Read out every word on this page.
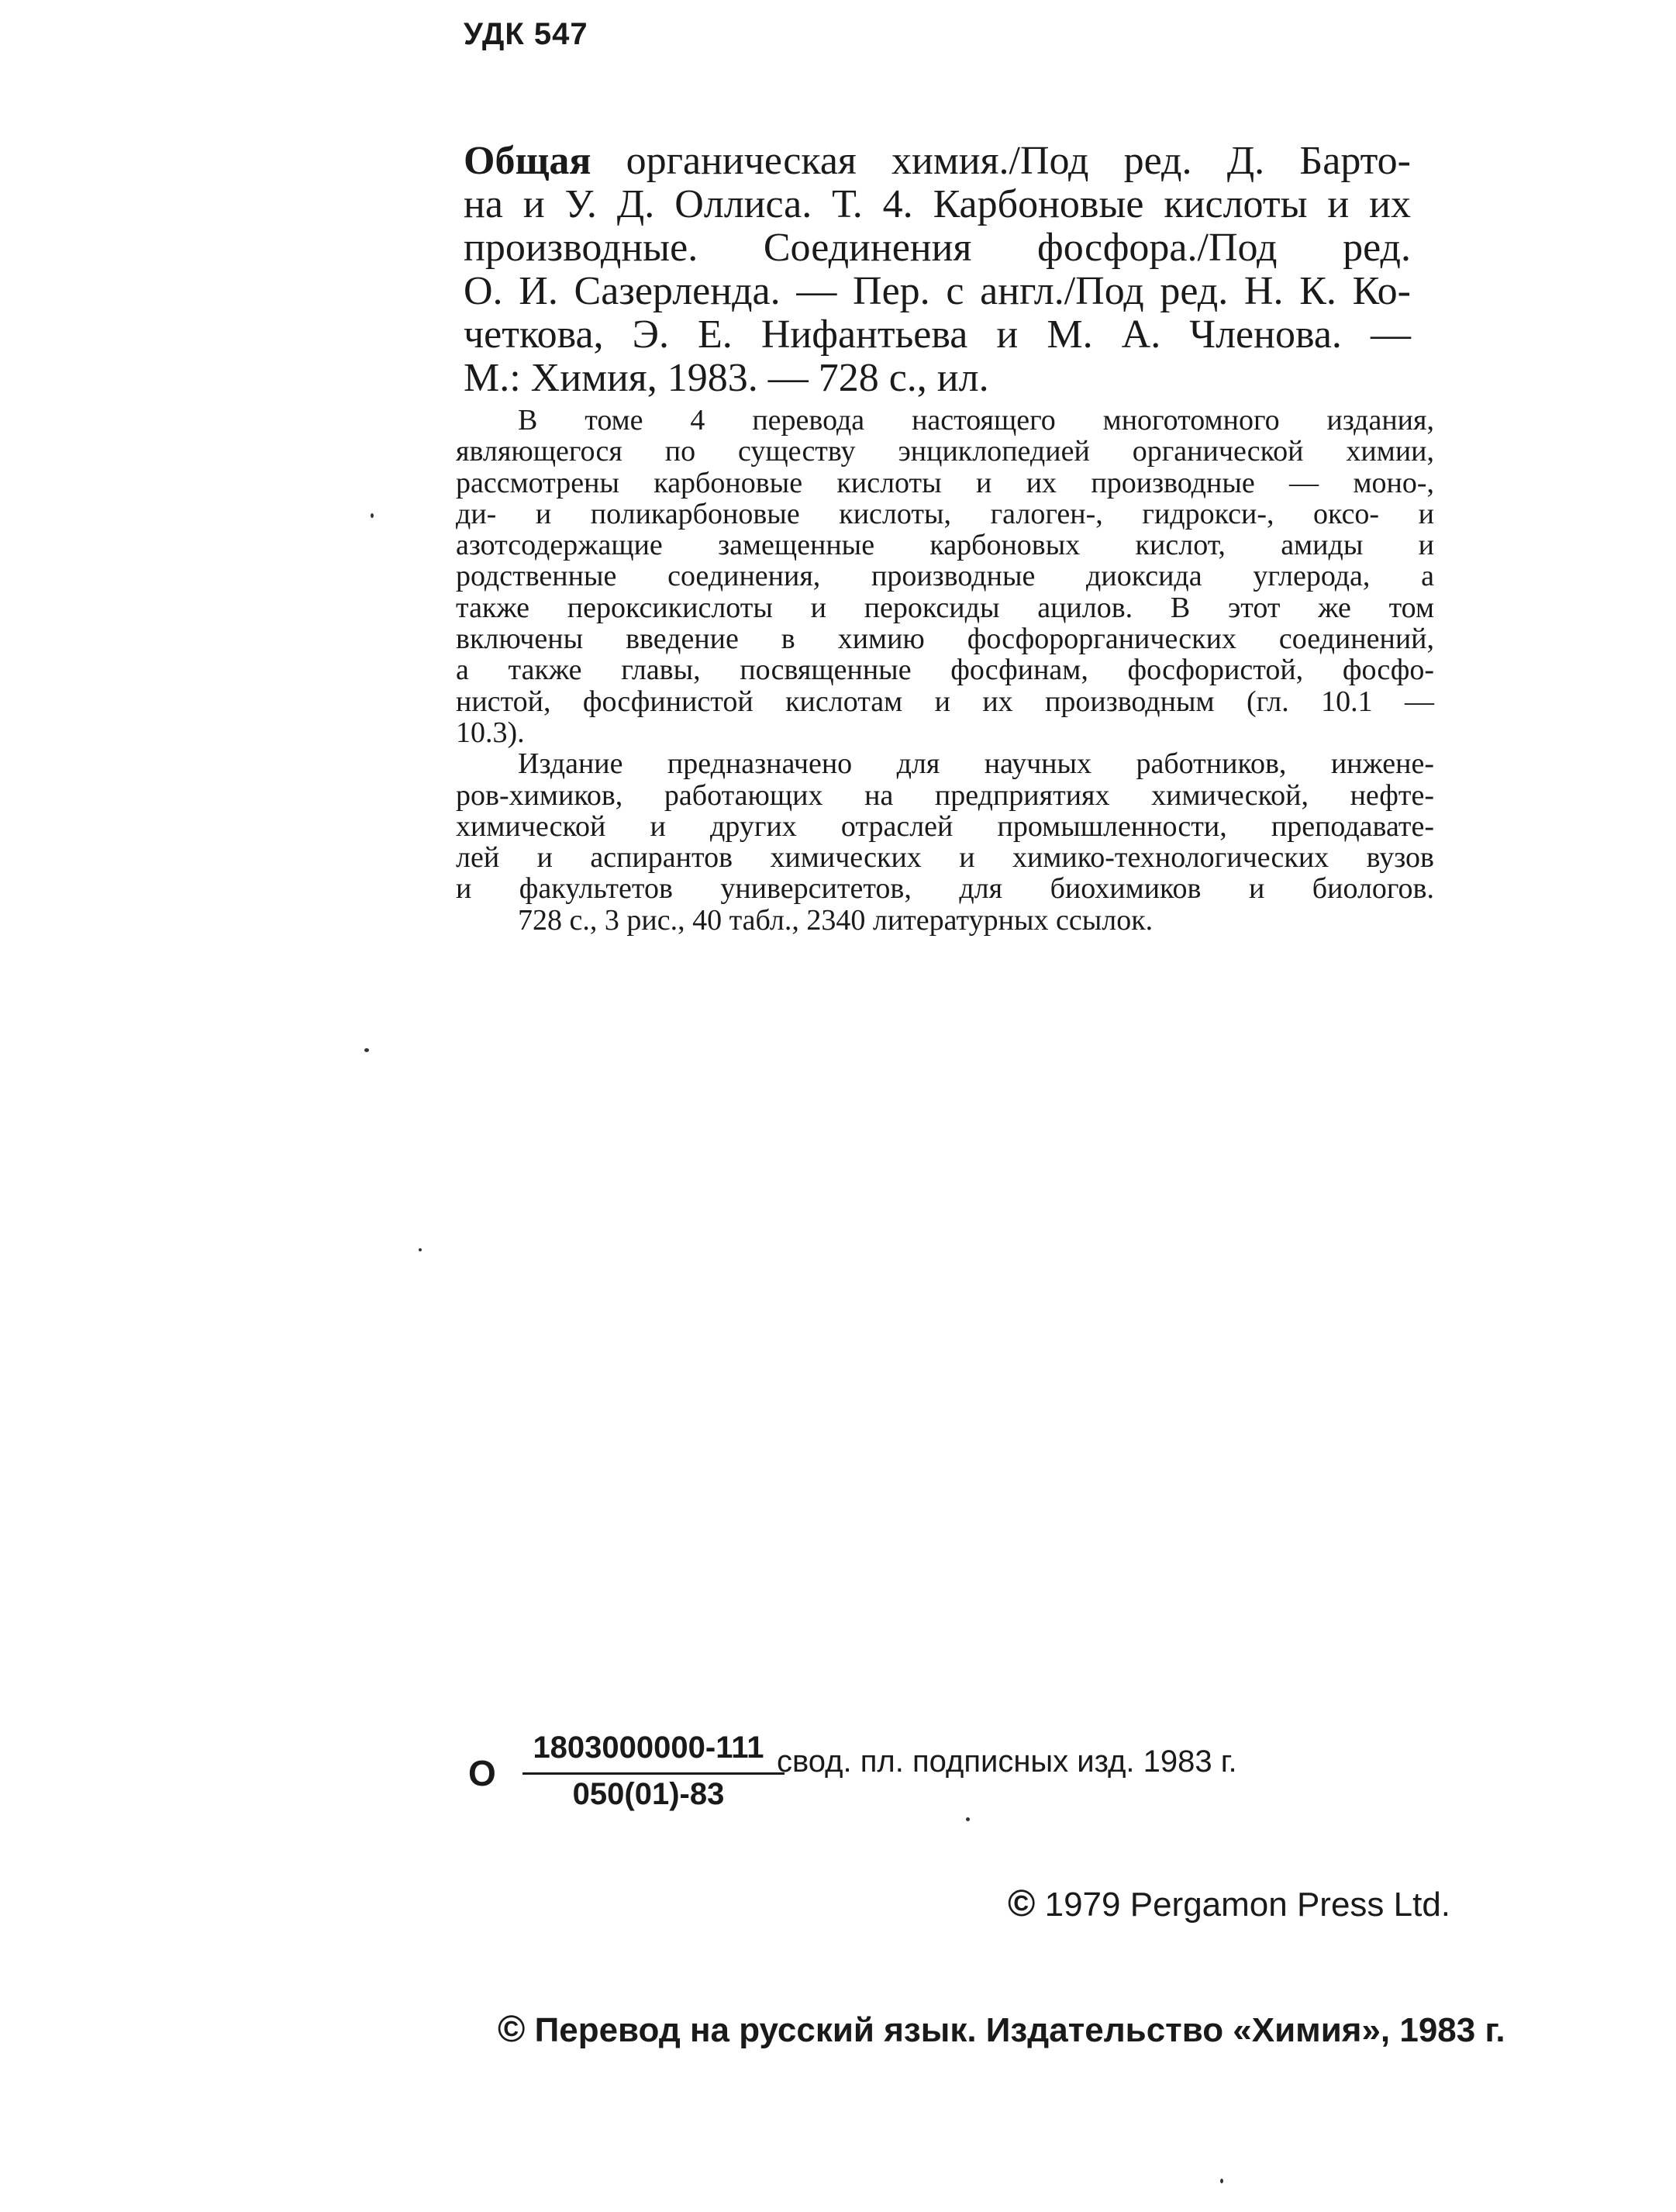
УДК 547
Общая органическая химия./Под ред. Д. Барто-
на и У. Д. Оллиса. Т. 4. Карбоновые кислоты и их
производные. Соединения фосфора./Под ред.
О. И. Сазерленда. — Пер. с англ./Под ред. Н. К. Ко-
четкова, Э. Е. Нифантьева и М. А. Членова. —
М.: Химия, 1983. — 728 с., ил.
В томе 4 перевода настоящего многотомного издания,
являющегося по существу энциклопедией органической химии,
рассмотрены карбоновые кислоты и их производные — моно-,
ди- и поликарбоновые кислоты, галоген-, гидрокси-, оксо- и
азотсодержащие замещенные карбоновых кислот, амиды и
родственные соединения, производные диоксида углерода, а
также пероксикислоты и пероксиды ацилов. В этот же том
включены введение в химию фосфорорганических соединений,
а также главы, посвященные фосфинам, фосфористой, фосфо-
нистой, фосфинистой кислотам и их производным (гл. 10.1 —
10.3).
Издание предназначено для научных работников, инжене-
ров-химиков, работающих на предприятиях химической, нефте-
химической и других отраслей промышленности, преподавате-
лей и аспирантов химических и химико-технологических вузов
и факультетов университетов, для биохимиков и биологов.
728 с., 3 рис., 40 табл., 2340 литературных ссылок.
О
1803000000-111
050(01)-83
свод. пл. подписных изд. 1983 г.
© 1979 Pergamon Press Ltd.
© Перевод на русский язык. Издательство «Химия», 1983 г.
